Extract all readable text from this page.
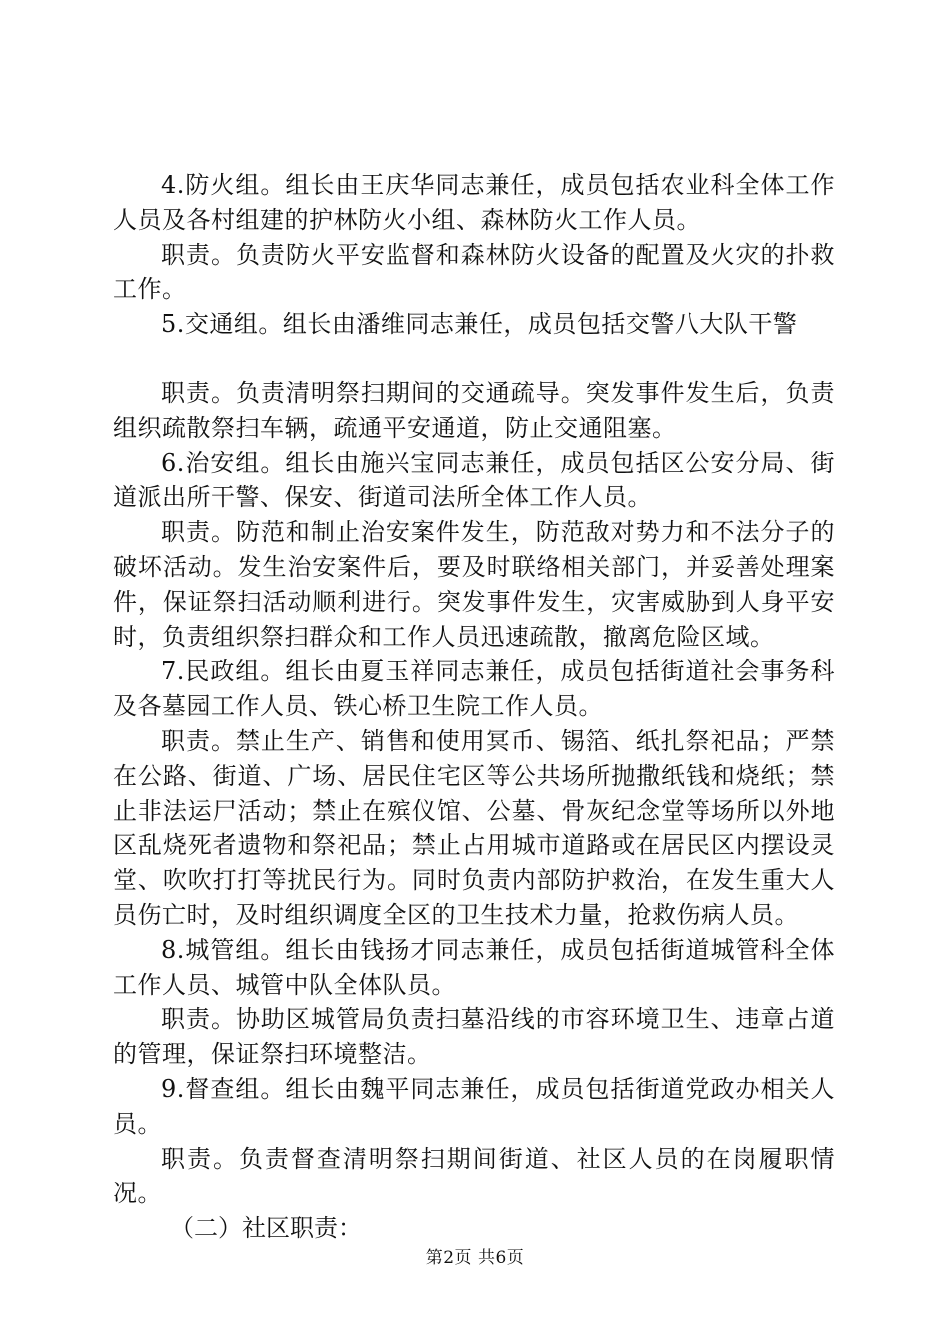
4.防火组。组长由王庆华同志兼任，成员包括农业科全体工作人员及各村组建的护林防火小组、森林防火工作人员。

职责。负责防火平安监督和森林防火设备的配置及火灾的扑救工作。

5.交通组。组长由潘维同志兼任，成员包括交警八大队干警

职责。负责清明祭扫期间的交通疏导。突发事件发生后，负责组织疏散祭扫车辆，疏通平安通道，防止交通阻塞。

6.治安组。组长由施兴宝同志兼任，成员包括区公安分局、街道派出所干警、保安、街道司法所全体工作人员。

职责。防范和制止治安案件发生，防范敌对势力和不法分子的破坏活动。发生治安案件后，要及时联络相关部门，并妥善处理案件，保证祭扫活动顺利进行。突发事件发生，灾害威胁到人身平安时，负责组织祭扫群众和工作人员迅速疏散，撤离危险区域。

7.民政组。组长由夏玉祥同志兼任，成员包括街道社会事务科及各墓园工作人员、铁心桥卫生院工作人员。

职责。禁止生产、销售和使用冥币、锡箔、纸扎祭祀品；严禁在公路、街道、广场、居民住宅区等公共场所抛撒纸钱和烧纸；禁止非法运尸活动；禁止在殡仪馆、公墓、骨灰纪念堂等场所以外地区乱烧死者遗物和祭祀品；禁止占用城市道路或在居民区内摆设灵堂、吹吹打打等扰民行为。同时负责内部防护救治，在发生重大人员伤亡时，及时组织调度全区的卫生技术力量，抢救伤病人员。

8.城管组。组长由钱扬才同志兼任，成员包括街道城管科全体工作人员、城管中队全体队员。

职责。协助区城管局负责扫墓沿线的市容环境卫生、违章占道的管理，保证祭扫环境整洁。

9.督查组。组长由魏平同志兼任，成员包括街道党政办相关人员。

职责。负责督查清明祭扫期间街道、社区人员的在岗履职情况。

（二）社区职责：

第2页 共6页
